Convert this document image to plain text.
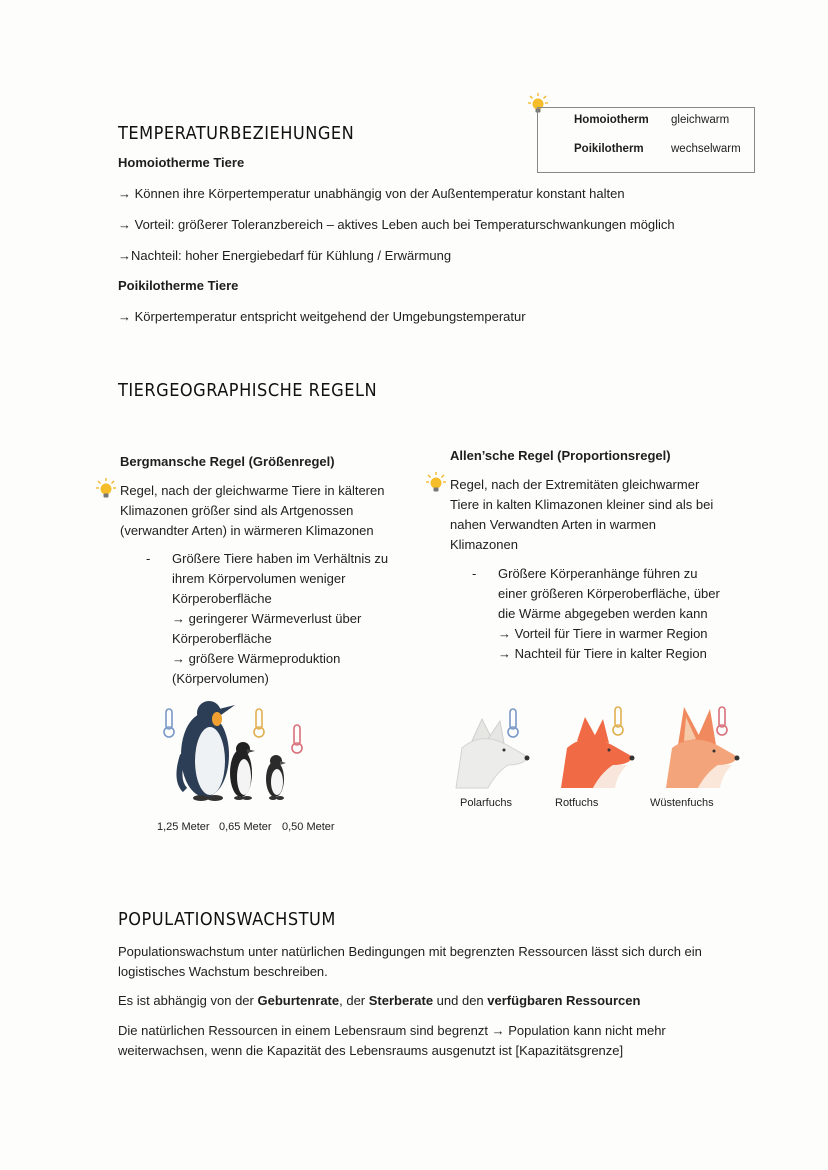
Homoiotherm gleichwarm
Poikilotherm wechselwarm
TEMPERATURBEZIEHUNGEN
Homoiotherme Tiere
→ Können ihre Körpertemperatur unabhängig von der Außentemperatur konstant halten
→ Vorteil: größerer Toleranzbereich – aktives Leben auch bei Temperaturschwankungen möglich
→Nachteil: hoher Energiebedarf für Kühlung / Erwärmung
Poikilotherme Tiere
→ Körpertemperatur entspricht weitgehend der Umgebungstemperatur
TIERGEOGRAPHISCHE REGELN
Bergmansche Regel (Größenregel)
Regel, nach der gleichwarme Tiere in kälteren
Klimazonen größer sind als Artgenossen
(verwandter Arten) in wärmeren Klimazonen
- Größere Tiere haben im Verhältnis zu
ihrem Körpervolumen weniger
Körperoberfläche
→ geringerer Wärmeverlust über
Körperoberfläche
→ größere Wärmeproduktion
(Körpervolumen)
1,25 Meter 0,65 Meter 0,50 Meter
Allen’sche Regel (Proportionsregel)
Regel, nach der Extremitäten gleichwarmer
Tiere in kalten Klimazonen kleiner sind als bei
nahen Verwandten Arten in warmen
Klimazonen
- Größere Körperanhänge führen zu
einer größeren Körperoberfläche, über
die Wärme abgegeben werden kann
→ Vorteil für Tiere in warmer Region
→ Nachteil für Tiere in kalter Region
Polarfuchs	Rotfuchs	Wüstenfuchs
POPULATIONSWACHSTUM
Populationswachstum unter natürlichen Bedingungen mit begrenzten Ressourcen lässt sich durch ein logistisches Wachstum beschreiben.
Es ist abhängig von der Geburtenrate, der Sterberate und den verfügbaren Ressourcen
Die natürlichen Ressourcen in einem Lebensraum sind begrenzt → Population kann nicht mehr weiterwachsen, wenn die Kapazität des Lebensraums ausgenutzt ist [Kapazitätsgrenze]
